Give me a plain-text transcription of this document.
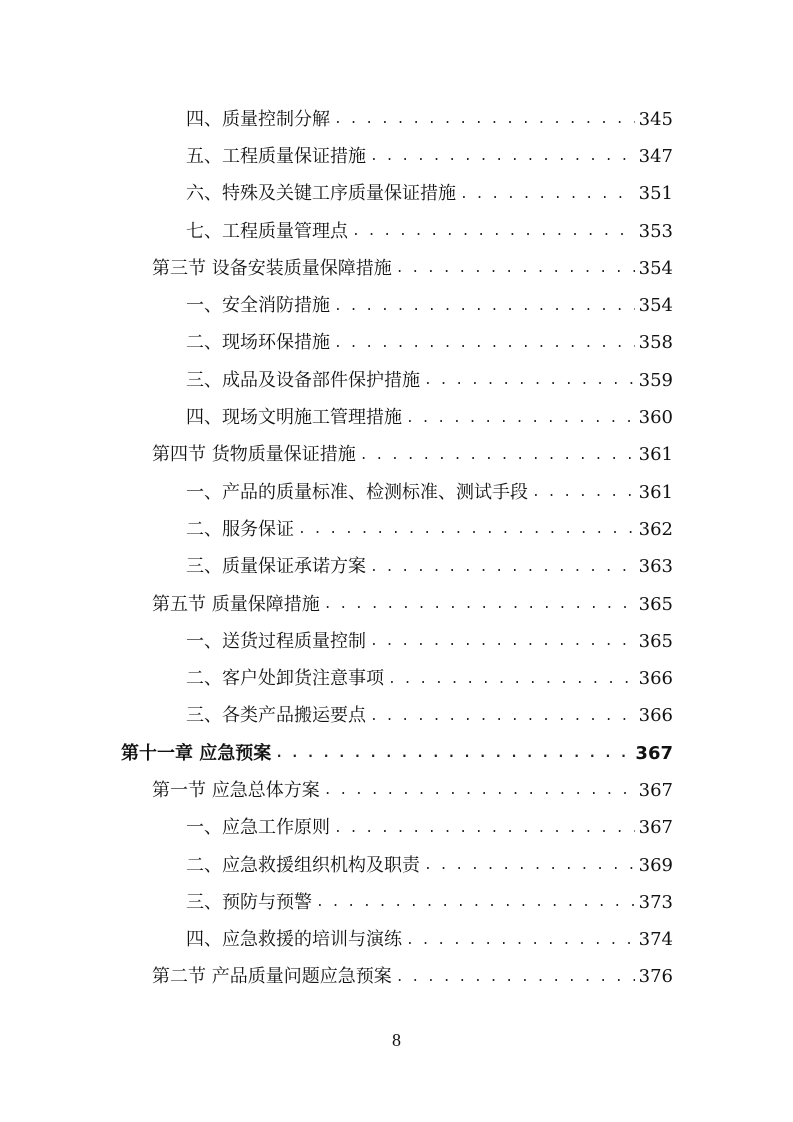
四、质量控制分解 . . .	345
五、工程质量保证措施 . . .	347
六、特殊及关键工序质量保证措施 . . .	351
七、工程质量管理点 . . .	353
第三节 设备安装质量保障措施 . . .	354
一、安全消防措施 . . .	354
二、现场环保措施 . . .	358
三、成品及设备部件保护措施 . . .	359
四、现场文明施工管理措施 . . .	360
第四节 货物质量保证措施 . . .	361
一、产品的质量标准、检测标准、测试手段 . . .	361
二、服务保证 . . .	362
三、质量保证承诺方案 . . .	363
第五节 质量保障措施 . . .	365
一、送货过程质量控制 . . .	365
二、客户处卸货注意事项 . . .	366
三、各类产品搬运要点 . . .	366
第十一章 应急预案 . . .	367
第一节 应急总体方案 . . .	367
一、应急工作原则 . . .	367
二、应急救援组织机构及职责 . . .	369
三、预防与预警 . . .	373
四、应急救援的培训与演练 . . .	374
第二节 产品质量问题应急预案 . . .	376
8
